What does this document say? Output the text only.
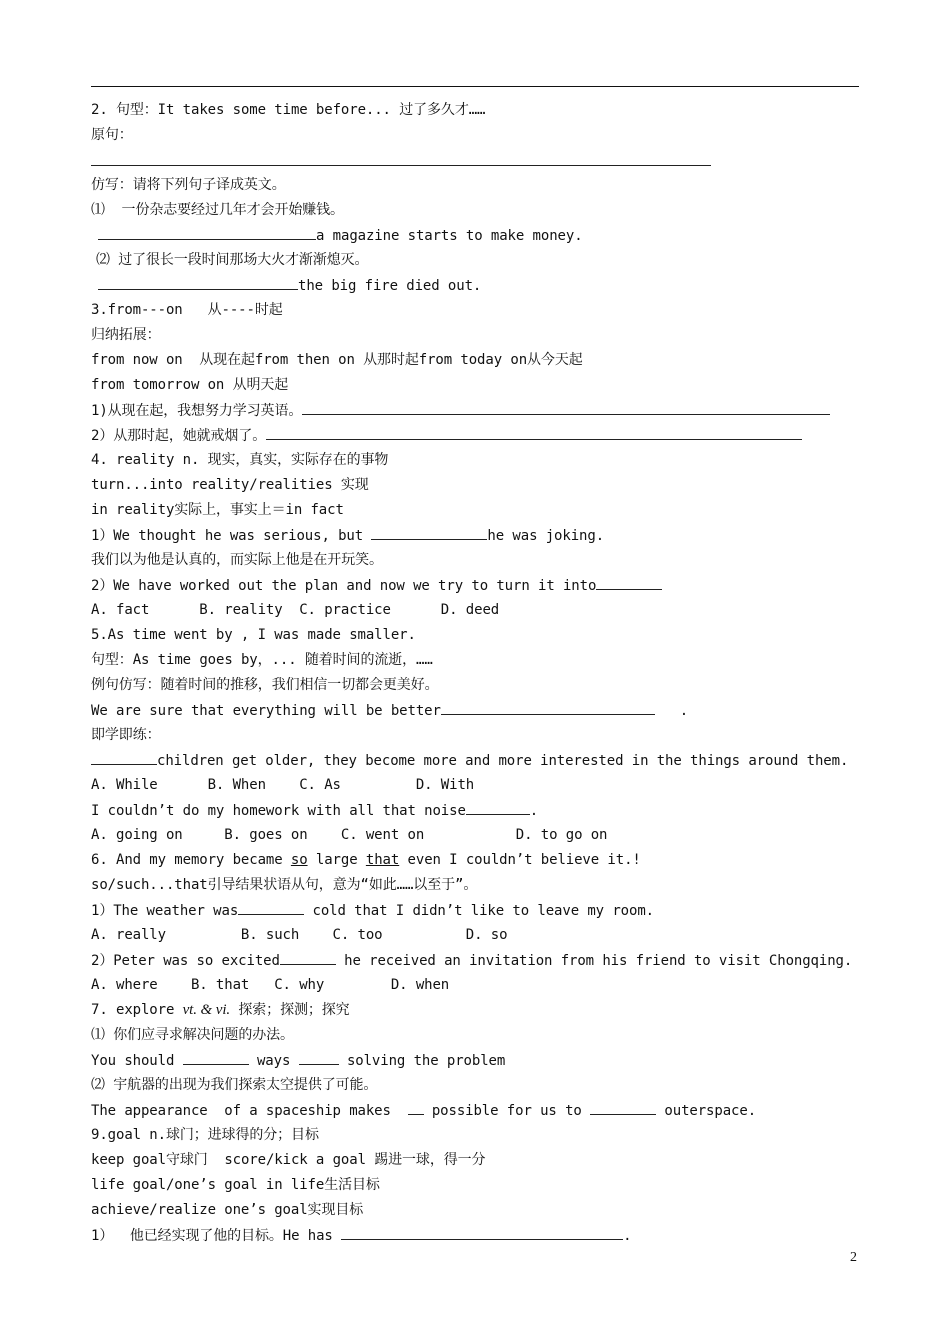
2. 句型：It takes some time before... 过了多久才……
原句：
仿写：请将下列句子译成英文。
⑴  一份杂志要经过几年才会开始赚钱。
a magazine starts to make money.
⑵ 过了很长一段时间那场大火才渐渐熄灭。
the big fire died out.
3.from---on   从----时起
归纳拓展：
from now on  从现在起from then on 从那时起from today on从今天起
from tomorrow on 从明天起
1)从现在起，我想努力学习英语。
2）从那时起，她就戒烟了。
4. reality n. 现实，真实，实际存在的事物
turn...into reality/realities 实现
in reality实际上，事实上＝in fact
1）We thought he was serious, but	he was joking.
我们以为他是认真的，而实际上他是在开玩笑。
2）We have worked out the plan and now we try to turn it into
A. fact      B. reality  C. practice      D. deed
5.As time went by , I was made smaller.
句型：As time goes by，... 随着时间的流逝，……
例句仿写：随着时间的推移，我们相信一切都会更美好。
We are sure that everything will be better	.
即学即练：
children get older, they become more and more interested in the things around them.
A. While      B. When    C. As         D. With
I couldn’t do my homework with all that noise	.
A. going on     B. goes on    C. went on           D. to go on
6. And my memory became so large that even I couldn’t believe it.!
so/such...that引导结果状语从句，意为“如此……以至于”。
1）The weather was	cold that I didn’t like to leave my room.
A. really         B. such    C. too          D. so
2）Peter was so excited	he received an invitation from his friend to visit Chongqing.
A. where    B. that   C. why        D. when
7. explore vt. & vi. 探索；探测；探究
⑴ 你们应寻求解决问题的办法。
You should	ways	solving the problem
⑵ 宇航器的出现为我们探索太空提供了可能。
The appearance  of a spaceship makes   possible for us to	outerspace.
9.goal n.球门；进球得的分；目标
keep goal守球门  score/kick a goal 踢进一球，得一分
life goal/one’s goal in life生活目标
achieve/realize one’s goal实现目标
1）  他已经实现了他的目标。He has	.
2
